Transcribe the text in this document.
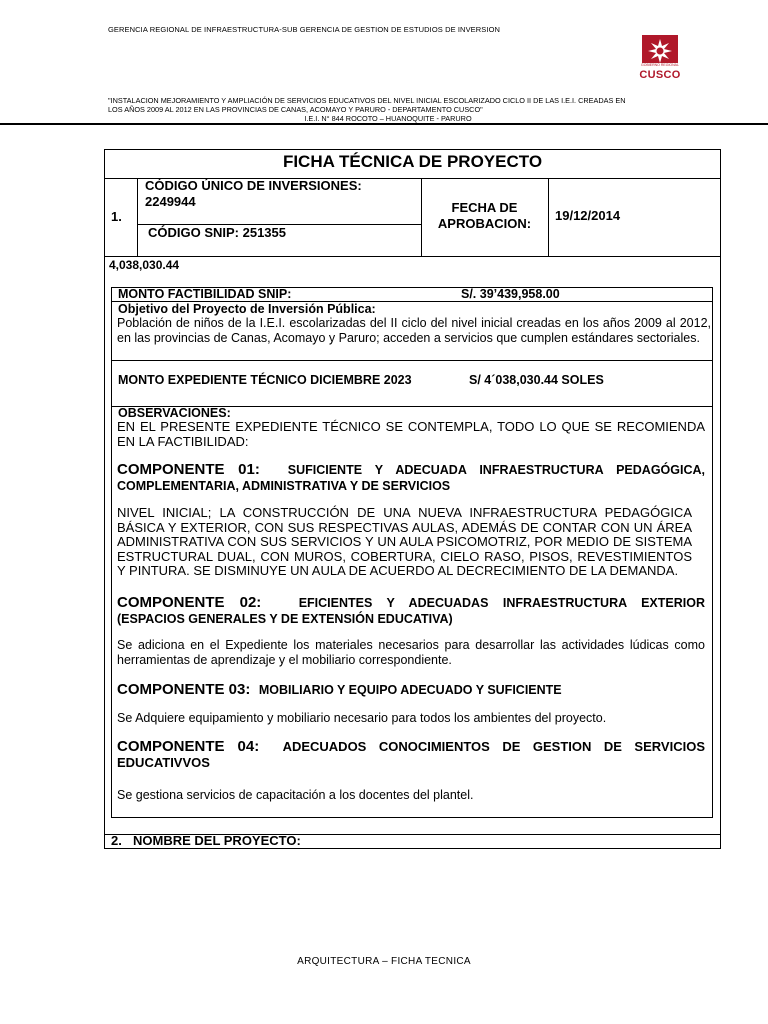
GERENCIA REGIONAL DE INFRAESTRUCTURA-SUB GERENCIA DE GESTION DE ESTUDIOS DE INVERSION
GOBIERNO REGIONAL
CUSCO
"INSTALACION MEJORAMIENTO Y AMPLIACIÓN DE SERVICIOS EDUCATIVOS DEL NIVEL INICIAL ESCOLARIZADO CICLO II DE LAS I.E.I. CREADAS EN
LOS AÑOS 2009 AL 2012 EN LAS PROVINCIAS DE CANAS, ACOMAYO Y PARURO - DEPARTAMENTO CUSCO"

I.E.I. N° 844 ROCOTO – HUANOQUITE - PARURO
FICHA TÉCNICA DE PROYECTO
1.
CÓDIGO ÚNICO DE INVERSIONES:
2249944
CÓDIGO SNIP: 251355
FECHA DE
APROBACION:
19/12/2014
4,038,030.44
MONTO FACTIBILIDAD SNIP:	S/. 39’439,958.00
Objetivo del Proyecto de Inversión Pública:
Población de niños de la I.E.I. escolarizadas del II ciclo del nivel inicial creadas en los años 2009 al 2012, en las provincias de Canas, Acomayo y Paruro; acceden a servicios que cumplen estándares sectoriales.
MONTO EXPEDIENTE TÉCNICO DICIEMBRE 2023	S/ 4´038,030.44 SOLES
OBSERVACIONES:
EN EL PRESENTE EXPEDIENTE TÉCNICO SE CONTEMPLA, TODO LO QUE SE RECOMIENDA EN LA FACTIBILIDAD:
COMPONENTE 01: SUFICIENTE Y ADECUADA INFRAESTRUCTURA PEDAGÓGICA, COMPLEMENTARIA, ADMINISTRATIVA Y DE SERVICIOS
NIVEL INICIAL; LA CONSTRUCCIÓN DE UNA NUEVA INFRAESTRUCTURA PEDAGÓGICA BÁSICA Y EXTERIOR, CON SUS RESPECTIVAS AULAS, ADEMÁS DE CONTAR CON UN ÁREA ADMINISTRATIVA CON SUS SERVICIOS Y UN AULA PSICOMOTRIZ, POR MEDIO DE SISTEMA ESTRUCTURAL DUAL, CON MUROS, COBERTURA, CIELO RASO, PISOS, REVESTIMIENTOS Y PINTURA. SE DISMINUYE UN AULA DE ACUERDO AL DECRECIMIENTO DE LA DEMANDA.
COMPONENTE 02:	EFICIENTES Y ADECUADAS INFRAESTRUCTURA EXTERIOR (ESPACIOS GENERALES Y DE EXTENSIÓN EDUCATIVA)
Se adiciona en el Expediente los materiales necesarios para desarrollar las actividades lúdicas como herramientas de aprendizaje y el mobiliario correspondiente.
COMPONENTE 03: MOBILIARIO Y EQUIPO ADECUADO Y SUFICIENTE
Se Adquiere equipamiento y mobiliario necesario para todos los ambientes del proyecto.
COMPONENTE 04: ADECUADOS CONOCIMIENTOS DE GESTION DE SERVICIOS EDUCATIVVOS
Se gestiona servicios de capacitación a los docentes del plantel.
2. NOMBRE DEL PROYECTO:
ARQUITECTURA – FICHA TECNICA
